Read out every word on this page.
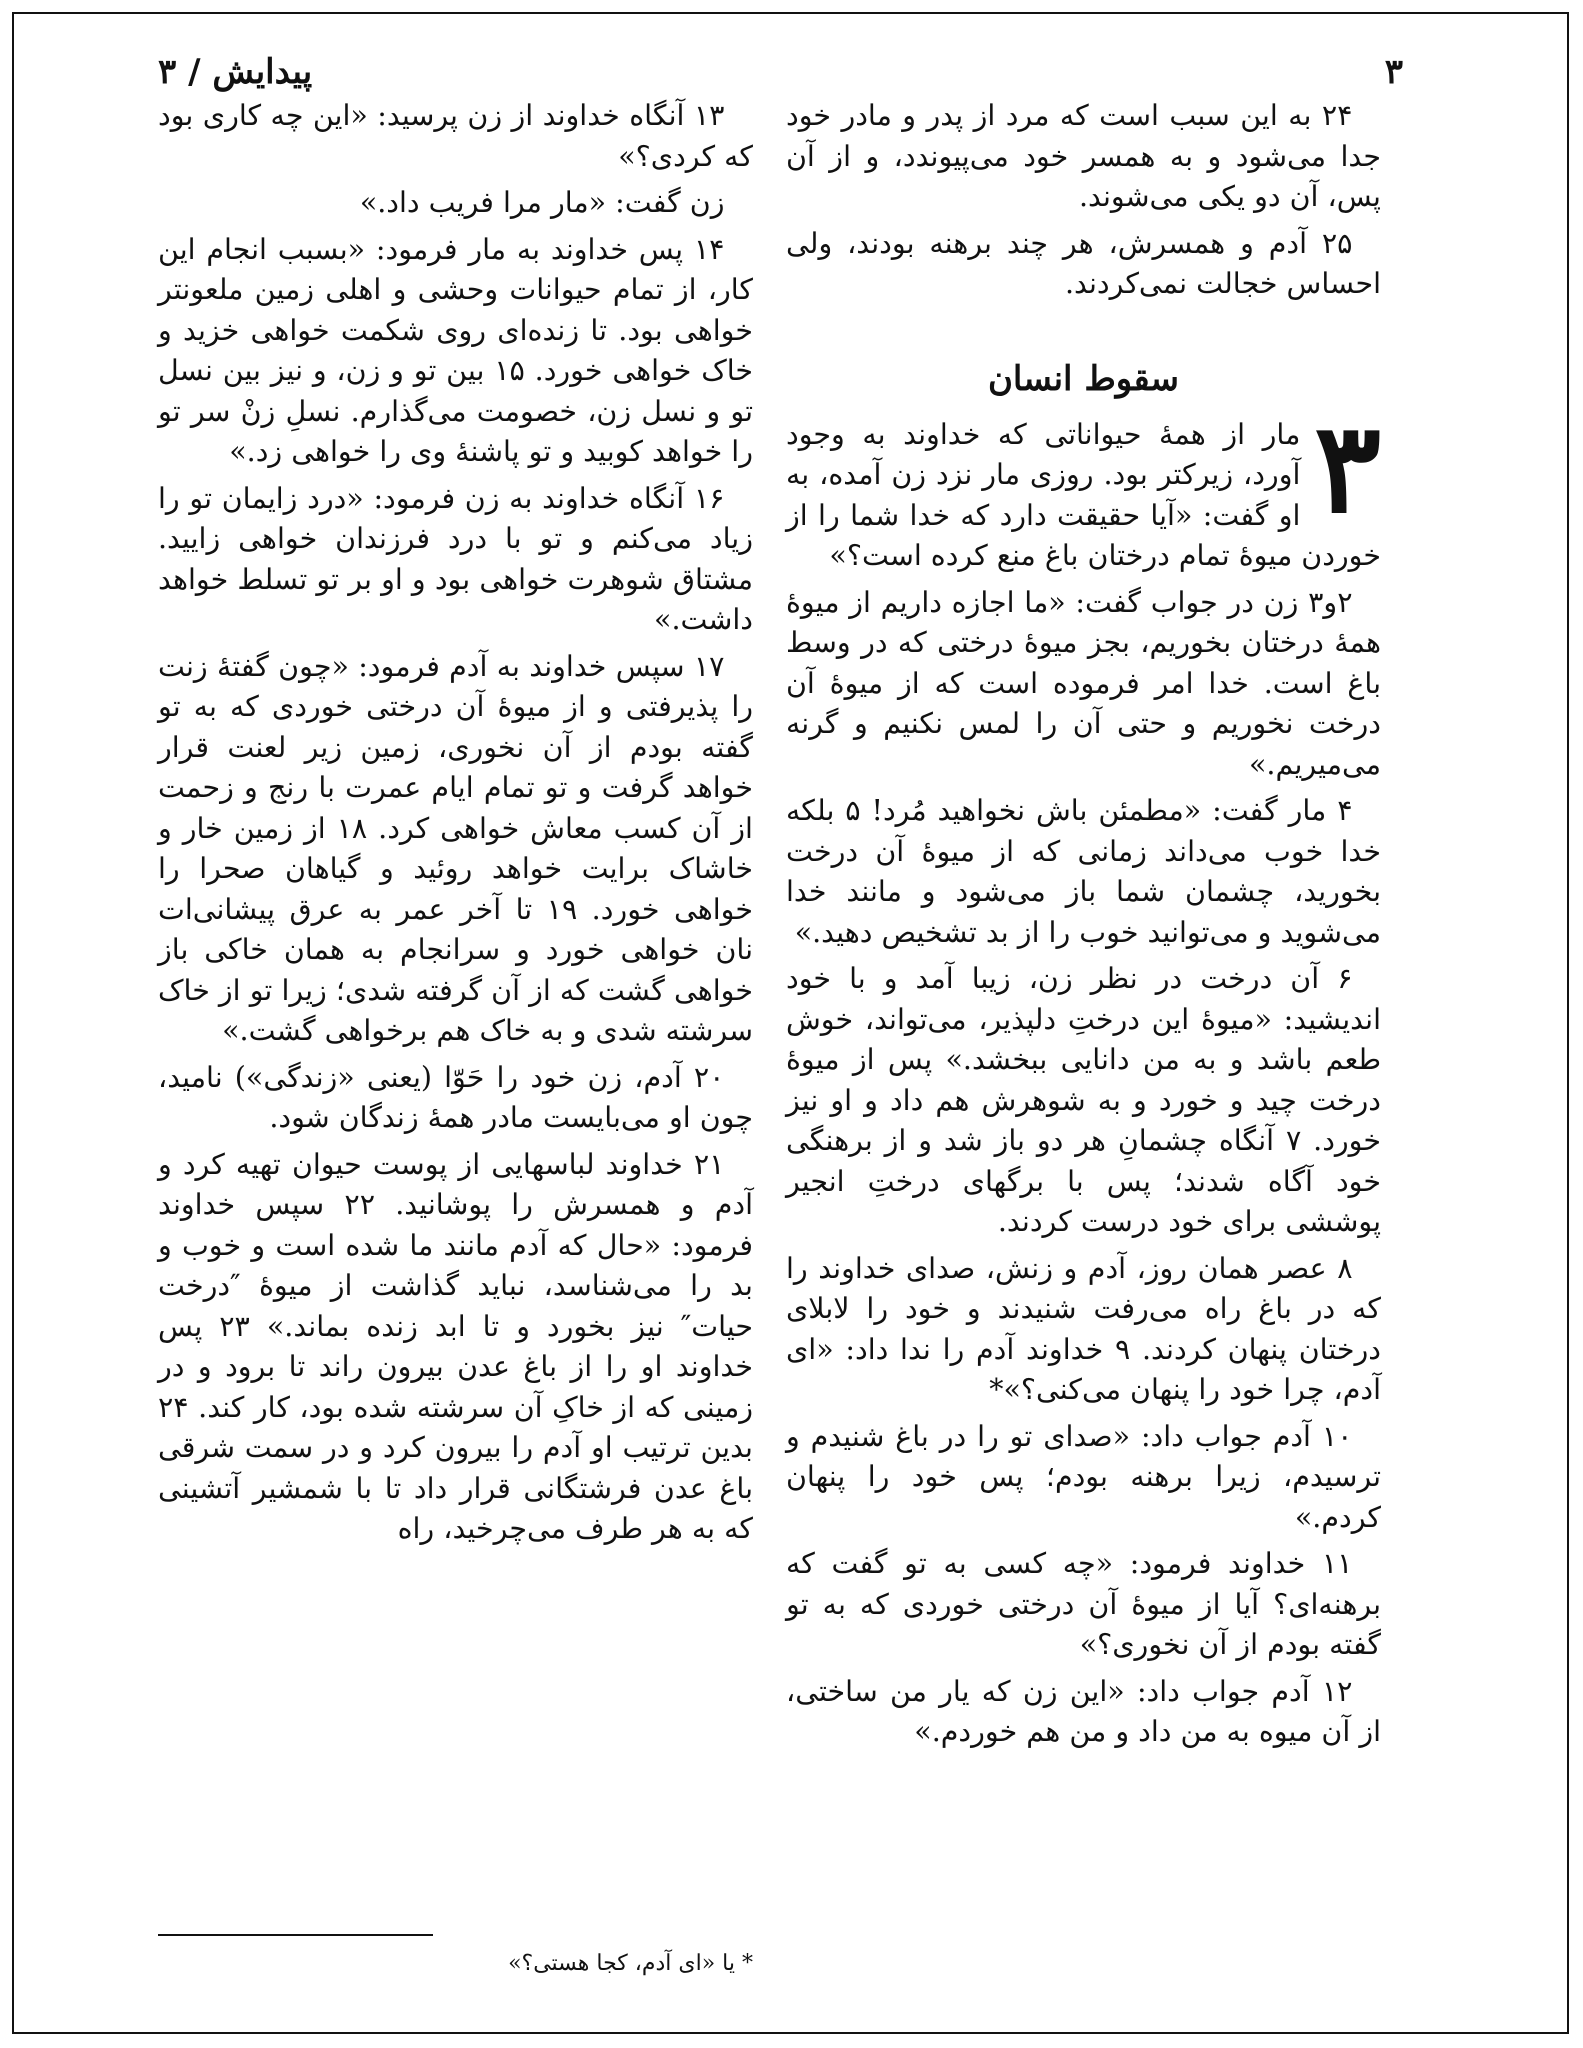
۳
پیدایش / ۳

۲۴ به این سبب است که مرد از پدر و مادر خود جدا می‌شود و به همسر خود می‌پیوندد، و از آن پس، آن دو یکی می‌شوند.

۲۵ آدم و همسرش، هر چند برهنه بودند، ولی احساس خجالت نمی‌کردند.

سقوط انسان

۳
مار از همهٔ حیواناتی که خداوند به وجود آورد، زیرکتر بود. روزی مار نزد زن آمده، به او گفت: «آیا حقیقت دارد که خدا شما را از خوردن میوهٔ تمام درختان باغ منع کرده است؟»

۲و۳ زن در جواب گفت: «ما اجازه داریم از میوهٔ همهٔ درختان بخوریم، بجز میوهٔ درختی که در وسط باغ است. خدا امر فرموده است که از میوهٔ آن درخت نخوریم و حتی آن را لمس نکنیم و گرنه می‌میریم.»

۴ مار گفت: «مطمئن باش نخواهید مُرد! ۵ بلکه خدا خوب می‌داند زمانی که از میوهٔ آن درخت بخورید، چشمان شما باز می‌شود و مانند خدا می‌شوید و می‌توانید خوب را از بد تشخیص دهید.»

۶ آن درخت در نظر زن، زیبا آمد و با خود اندیشید: «میوهٔ این درختِ دلپذیر، می‌تواند، خوش طعم باشد و به من دانایی ببخشد.» پس از میوهٔ درخت چید و خورد و به شوهرش هم داد و او نیز خورد. ۷ آنگاه چشمانِ هر دو باز شد و از برهنگی خود آگاه شدند؛ پس با برگهای درختِ انجیر پوششی برای خود درست کردند.

۸ عصر همان روز، آدم و زنش، صدای خداوند را که در باغ راه می‌رفت شنیدند و خود را لابلای درختان پنهان کردند. ۹ خداوند آدم را ندا داد: «ای آدم، چرا خود را پنهان می‌کنی؟»*

۱۰ آدم جواب داد: «صدای تو را در باغ شنیدم و ترسیدم، زیرا برهنه بودم؛ پس خود را پنهان کردم.»

۱۱ خداوند فرمود: «چه کسی به تو گفت که برهنه‌ای؟ آیا از میوهٔ آن درختی خوردی که به تو گفته بودم از آن نخوری؟»

۱۲ آدم جواب داد: «این زن که یار من ساختی، از آن میوه به من داد و من هم خوردم.»

۱۳ آنگاه خداوند از زن پرسید: «این چه کاری بود که کردی؟»

زن گفت: «مار مرا فریب داد.»

۱۴ پس خداوند به مار فرمود: «بسبب انجام این کار، از تمام حیوانات وحشی و اهلی زمین ملعونتر خواهی بود. تا زنده‌ای روی شکمت خواهی خزید و خاک خواهی خورد. ۱۵ بین تو و زن، و نیز بین نسل تو و نسل زن، خصومت می‌گذارم. نسلِ زنْ سر تو را خواهد کوبید و تو پاشنهٔ وی را خواهی زد.»

۱۶ آنگاه خداوند به زن فرمود: «درد زایمان تو را زیاد می‌کنم و تو با درد فرزندان خواهی زایید. مشتاق شوهرت خواهی بود و او بر تو تسلط خواهد داشت.»

۱۷ سپس خداوند به آدم فرمود: «چون گفتهٔ زنت را پذیرفتی و از میوهٔ آن درختی خوردی که به تو گفته بودم از آن نخوری، زمین زیر لعنت قرار خواهد گرفت و تو تمام ایام عمرت با رنج و زحمت از آن کسب معاش خواهی کرد. ۱۸ از زمین خار و خاشاک برایت خواهد روئید و گیاهان صحرا را خواهی خورد. ۱۹ تا آخر عمر به عرق پیشانی‌ات نان خواهی خورد و سرانجام به همان خاکی باز خواهی گشت که از آن گرفته شدی؛ زیرا تو از خاک سرشته شدی و به خاک هم برخواهی گشت.»

۲۰ آدم، زن خود را حَوّا (یعنی «زندگی») نامید، چون او می‌بایست مادر همهٔ زندگان شود.

۲۱ خداوند لباسهایی از پوست حیوان تهیه کرد و آدم و همسرش را پوشانید. ۲۲ سپس خداوند فرمود: «حال که آدم مانند ما شده است و خوب و بد را می‌شناسد، نباید گذاشت از میوهٔ ″درخت حیات″ نیز بخورد و تا ابد زنده بماند.» ۲۳ پس خداوند او را از باغ عدن بیرون راند تا برود و در زمینی که از خاکِ آن سرشته شده بود، کار کند. ۲۴ بدین ترتیب او آدم را بیرون کرد و در سمت شرقی باغ عدن فرشتگانی قرار داد تا با شمشیر آتشینی که به هر طرف می‌چرخید، راه

* یا «ای آدم، کجا هستی؟»
